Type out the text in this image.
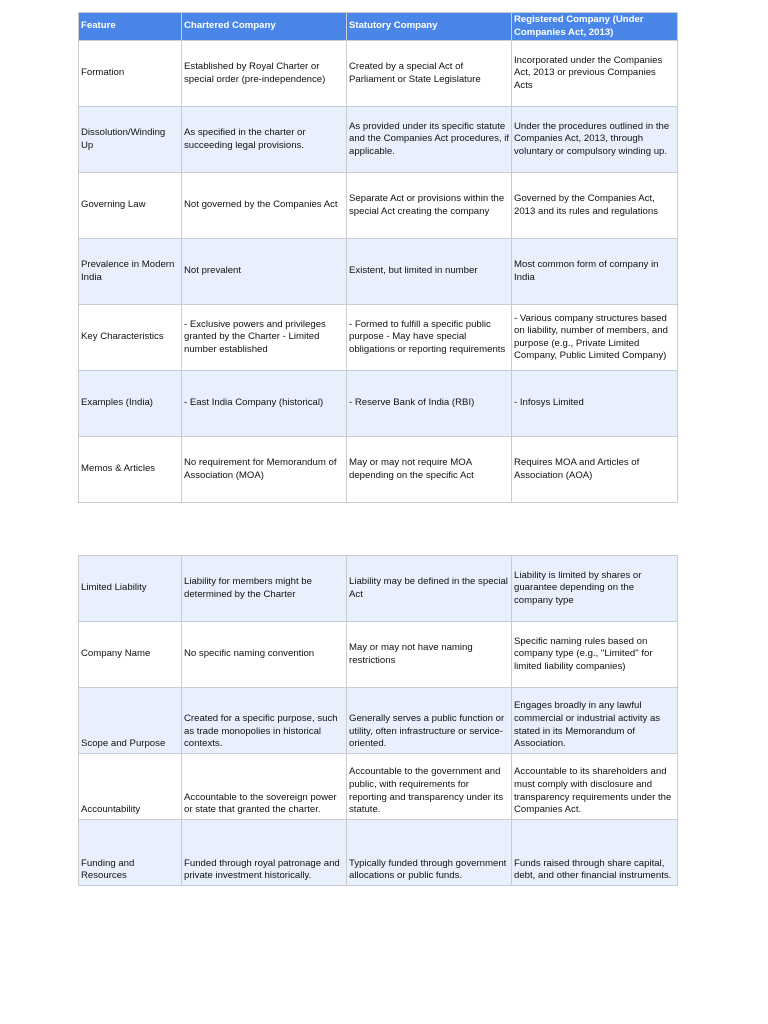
Feature	Chartered Company	Statutory Company	Registered Company (Under Companies Act, 2013)
Formation	Established by Royal Charter or special order (pre-independence)	Created by a special Act of Parliament or State Legislature	Incorporated under the Companies Act, 2013 or previous Companies Acts
Dissolution/Winding Up	As specified in the charter or succeeding legal provisions.	As provided under its specific statute and the Companies Act procedures, if applicable.	Under the procedures outlined in the Companies Act, 2013, through voluntary or compulsory winding up.
Governing Law	Not governed by the Companies Act	Separate Act or provisions within the special Act creating the company	Governed by the Companies Act, 2013 and its rules and regulations
Prevalence in Modern India	Not prevalent	Existent, but limited in number	Most common form of company in India
Key Characteristics	- Exclusive powers and privileges granted by the Charter - Limited number established	- Formed to fulfill a specific public purpose - May have special obligations or reporting requirements	- Various company structures based on liability, number of members, and purpose (e.g., Private Limited Company, Public Limited Company)
Examples (India)	- East India Company (historical)	- Reserve Bank of India (RBI)	- Infosys Limited
Memos & Articles	No requirement for Memorandum of Association (MOA)	May or may not require MOA depending on the specific Act	Requires MOA and Articles of Association (AOA)
Limited Liability	Liability for members might be determined by the Charter	Liability may be defined in the special Act	Liability is limited by shares or guarantee depending on the company type
Company Name	No specific naming convention	May or may not have naming restrictions	Specific naming rules based on company type (e.g., "Limited" for limited liability companies)
Scope and Purpose	Created for a specific purpose, such as trade monopolies in historical contexts.	Generally serves a public function or utility, often infrastructure or service-oriented.	Engages broadly in any lawful commercial or industrial activity as stated in its Memorandum of Association.
Accountability	Accountable to the sovereign power or state that granted the charter.	Accountable to the government and public, with requirements for reporting and transparency under its statute.	Accountable to its shareholders and must comply with disclosure and transparency requirements under the Companies Act.
Funding and Resources	Funded through royal patronage and private investment historically.	Typically funded through government allocations or public funds.	Funds raised through share capital, debt, and other financial instruments.
